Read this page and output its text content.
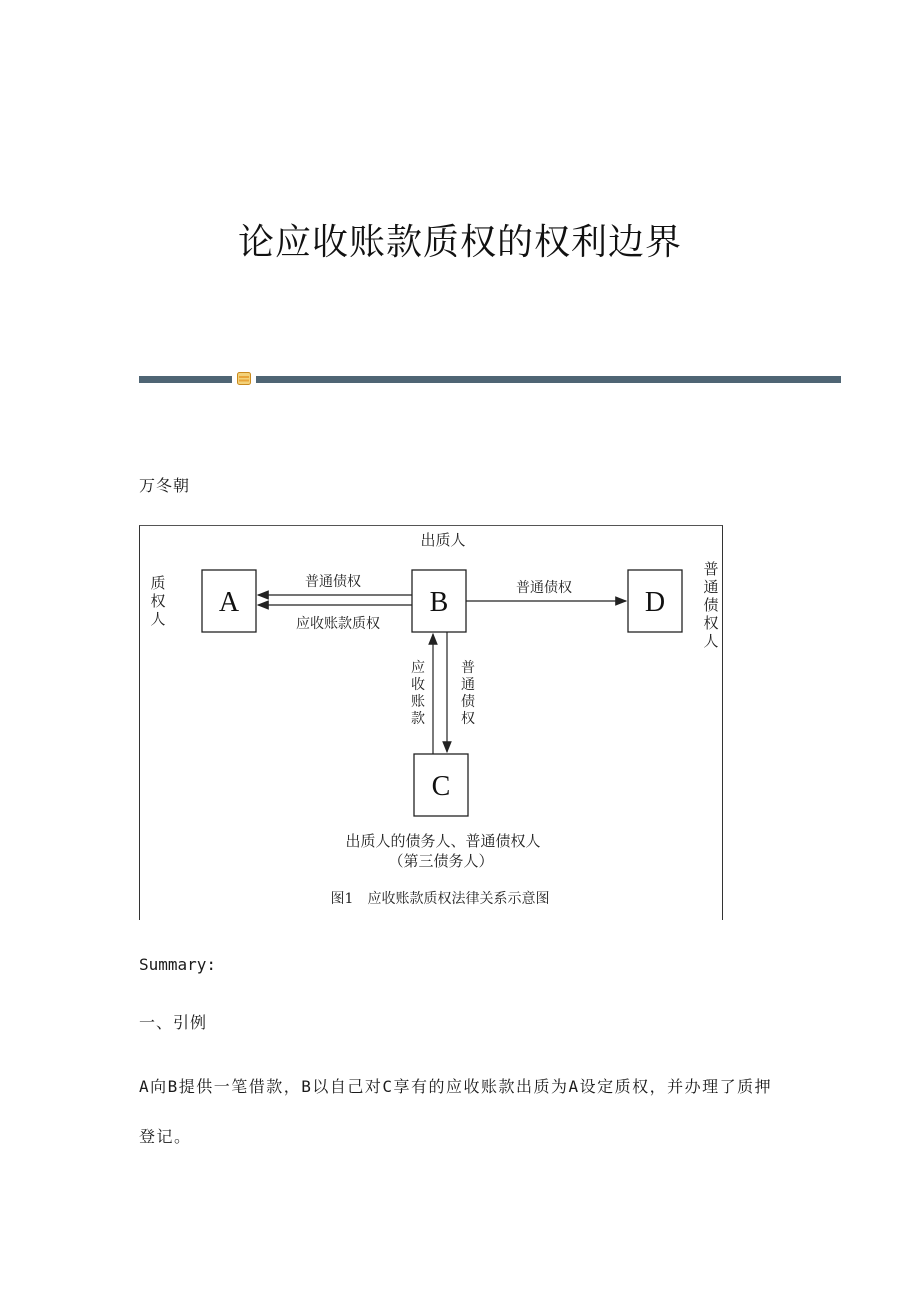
论应收账款质权的权利边界
万冬朝
出质人
质
权
人
普
通
债
权
人
A	B	D
C
普通债权
应收账款质权
普通债权
应
收
账
款
普
通
债
权
出质人的债务人、普通债权人
（第三债务人）
图1　应收账款质权法律关系示意图
Summary:
一、引例
A向B提供一笔借款，B以自己对C享有的应收账款出质为A设定质权，并办理了质押登记。
